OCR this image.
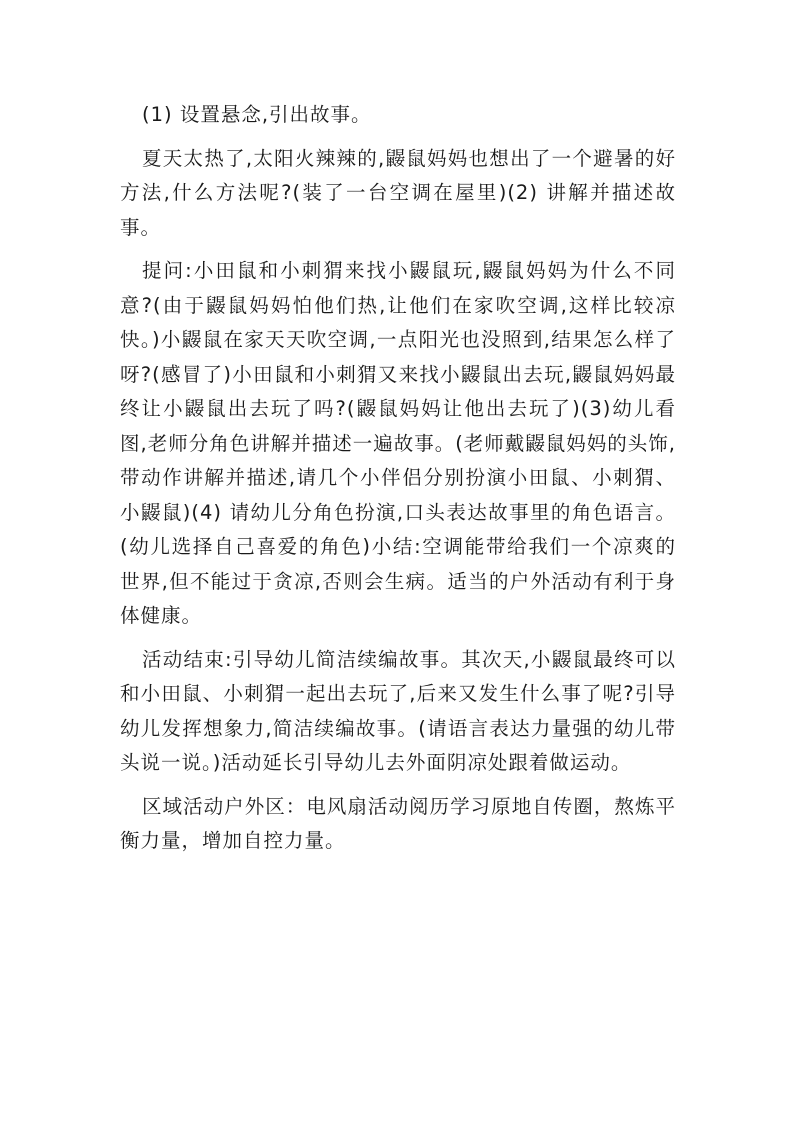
(1) 设置悬念,引出故事。

夏天太热了,太阳火辣辣的,鼹鼠妈妈也想出了一个避暑的好方法,什么方法呢?(装了一台空调在屋里)(2) 讲解并描述故事。

提问:小田鼠和小刺猬来找小鼹鼠玩,鼹鼠妈妈为什么不同意?(由于鼹鼠妈妈怕他们热,让他们在家吹空调,这样比较凉快。)小鼹鼠在家天天吹空调,一点阳光也没照到,结果怎么样了呀?(感冒了)小田鼠和小刺猬又来找小鼹鼠出去玩,鼹鼠妈妈最终让小鼹鼠出去玩了吗?(鼹鼠妈妈让他出去玩了)(3)幼儿看图,老师分角色讲解并描述一遍故事。(老师戴鼹鼠妈妈的头饰,带动作讲解并描述,请几个小伴侣分别扮演小田鼠、小刺猬、小鼹鼠)(4) 请幼儿分角色扮演,口头表达故事里的角色语言。(幼儿选择自己喜爱的角色)小结:空调能带给我们一个凉爽的世界,但不能过于贪凉,否则会生病。适当的户外活动有利于身体健康。

活动结束:引导幼儿简洁续编故事。其次天,小鼹鼠最终可以和小田鼠、小刺猬一起出去玩了,后来又发生什么事了呢?引导幼儿发挥想象力,简洁续编故事。(请语言表达力量强的幼儿带头说一说。)活动延长引导幼儿去外面阴凉处跟着做运动。

区域活动户外区：电风扇活动阅历学习原地自传圈，熬炼平衡力量，增加自控力量。
